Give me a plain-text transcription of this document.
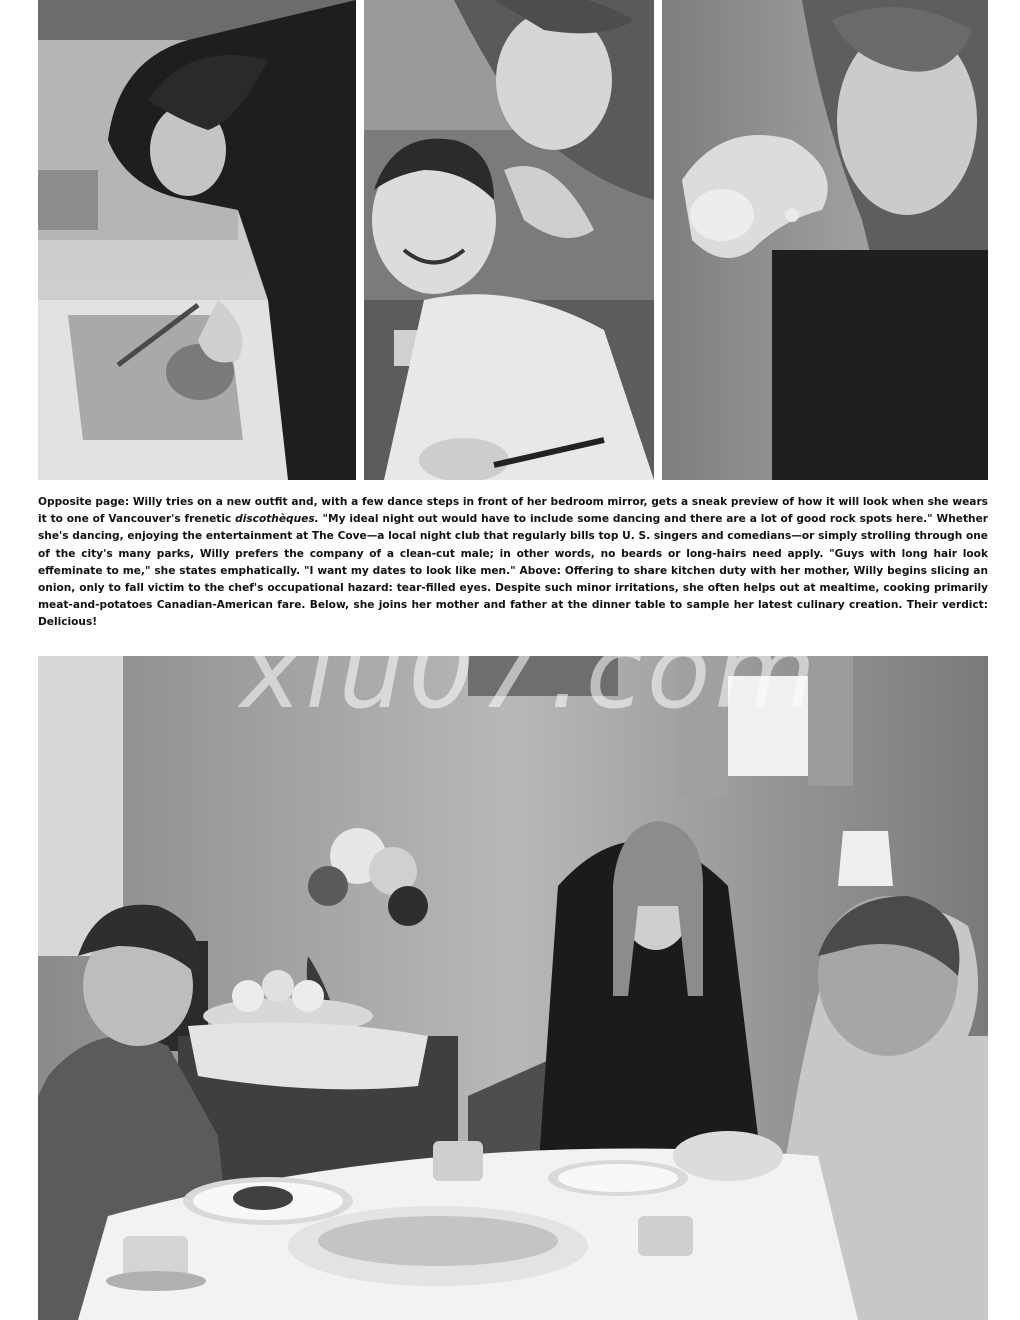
Opposite page: Willy tries on a new outfit and, with a few dance steps in front of her bedroom mirror, gets a sneak preview of how it will look when she wears it to one of Vancouver's frenetic discothèques. "My ideal night out would have to include some dancing and there are a lot of good rock spots here." Whether she's dancing, enjoying the entertainment at The Cove—a local night club that regularly bills top U. S. singers and comedians—or simply strolling through one of the city's many parks, Willy prefers the company of a clean-cut male; in other words, no beards or long-hairs need apply. "Guys with long hair look effeminate to me," she states emphatically. "I want my dates to look like men." Above: Offering to share kitchen duty with her mother, Willy begins slicing an onion, only to fall victim to the chef's occupational hazard: tear-filled eyes. Despite such minor irritations, she often helps out at mealtime, cooking primarily meat-and-potatoes Canadian-American fare. Below, she joins her mother and father at the dinner table to sample her latest culinary creation. Their verdict: Delicious!	xiu07.com
